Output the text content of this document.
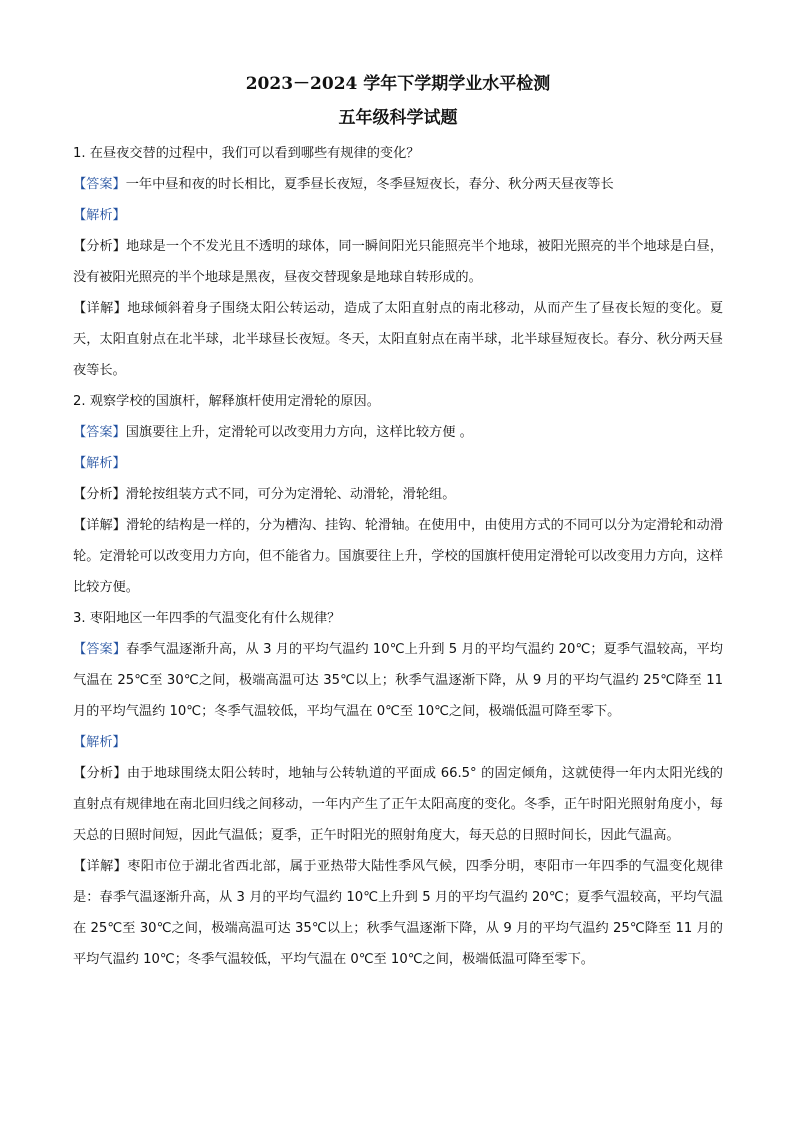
2023－2024 学年下学期学业水平检测
五年级科学试题

1. 在昼夜交替的过程中，我们可以看到哪些有规律的变化？

【答案】一年中昼和夜的时长相比，夏季昼长夜短，冬季昼短夜长，春分、秋分两天昼夜等长

【解析】

【分析】地球是一个不发光且不透明的球体，同一瞬间阳光只能照亮半个地球，被阳光照亮的半个地球是白昼，没有被阳光照亮的半个地球是黑夜，昼夜交替现象是地球自转形成的。

【详解】地球倾斜着身子围绕太阳公转运动，造成了太阳直射点的南北移动，从而产生了昼夜长短的变化。夏天，太阳直射点在北半球，北半球昼长夜短。冬天，太阳直射点在南半球，北半球昼短夜长。春分、秋分两天昼夜等长。

2. 观察学校的国旗杆，解释旗杆使用定滑轮的原因。

【答案】国旗要往上升，定滑轮可以改变用力方向，这样比较方便 。

【解析】

【分析】滑轮按组装方式不同，可分为定滑轮、动滑轮，滑轮组。

【详解】滑轮的结构是一样的，分为槽沟、挂钩、轮滑轴。在使用中，由使用方式的不同可以分为定滑轮和动滑轮。定滑轮可以改变用力方向，但不能省力。国旗要往上升，学校的国旗杆使用定滑轮可以改变用力方向，这样比较方便。

3. 枣阳地区一年四季的气温变化有什么规律？

【答案】春季气温逐渐升高，从 3 月的平均气温约 10℃上升到 5 月的平均气温约 20℃；夏季气温较高，平均气温在 25℃至 30℃之间，极端高温可达 35℃以上；秋季气温逐渐下降，从 9 月的平均气温约 25℃降至 11 月的平均气温约 10℃；冬季气温较低，平均气温在 0℃至 10℃之间，极端低温可降至零下。

【解析】

【分析】由于地球围绕太阳公转时，地轴与公转轨道的平面成 66.5° 的固定倾角，这就使得一年内太阳光线的直射点有规律地在南北回归线之间移动，一年内产生了正午太阳高度的变化。冬季，正午时阳光照射角度小，每天总的日照时间短，因此气温低；夏季，正午时阳光的照射角度大，每天总的日照时间长，因此气温高。

【详解】枣阳市位于湖北省西北部，属于亚热带大陆性季风气候，四季分明，枣阳市一年四季的气温变化规律是：春季气温逐渐升高，从 3 月的平均气温约 10℃上升到 5 月的平均气温约 20℃；夏季气温较高，平均气温在 25℃至 30℃之间，极端高温可达 35℃以上；秋季气温逐渐下降，从 9 月的平均气温约 25℃降至 11 月的平均气温约 10℃；冬季气温较低，平均气温在 0℃至 10℃之间，极端低温可降至零下。
